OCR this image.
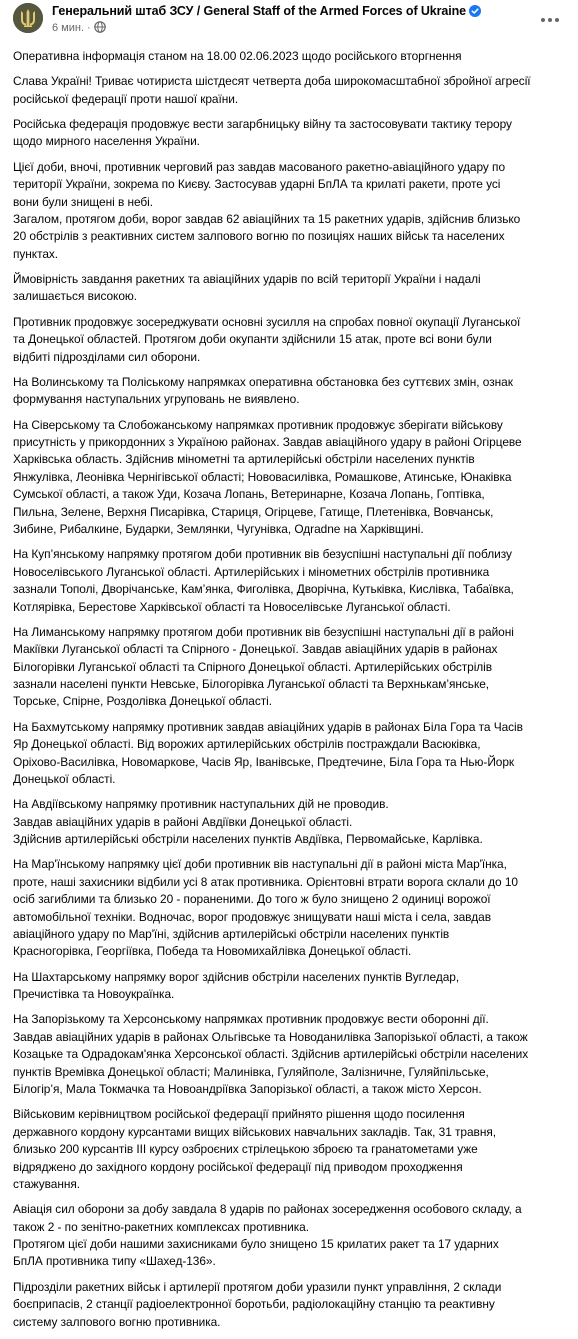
Генеральний штаб ЗСУ / General Staff of the Armed Forces of Ukraine
6 мин. ·

Оперативна інформація станом на 18.00 02.06.2023 щодо російського вторгнення

Слава Україні! Триває чотириста шістдесят четверта доба широкомасштабної збройної агресії
російської федерації проти нашої країни.

Російська федерація продовжує вести загарбницьку війну та застосовувати тактику терору
щодо мирного населення України.

Цієї доби, вночі, противник черговий раз завдав масованого ракетно-авіаційного удару по
території України, зокрема по Києву. Застосував ударні БпЛА та крилаті ракети, проте усі
вони були знищені в небі.
Загалом, протягом доби, ворог завдав 62 авіаційних та 15 ракетних ударів, здійснив близько
20 обстрілів з реактивних систем залпового вогню по позиціях наших військ та населених
пунктах.

Ймовірність завдання ракетних та авіаційних ударів по всій території України і надалі
залишається високою.

Противник продовжує зосереджувати основні зусилля на спробах повної окупації Луганської
та Донецької областей. Протягом доби окупанти здійснили 15 атак, проте всі вони були
відбиті підрозділами сил оборони.

На Волинському та Поліському напрямках оперативна обстановка без суттєвих змін, ознак
формування наступальних угруповань не виявлено.

На Сіверському та Слобожанському напрямках противник продовжує зберігати військову
присутність у прикордонних з Україною районах. Завдав авіаційного удару в районі Огірцеве
Харківська область. Здійснив мінометні та артилерійські обстріли населених пунктів
Янжулівка, Леонівка Чернігівської області; Нововасилівка, Ромашкове, Атинське, Юнаківка
Сумської області, а також Уди, Козача Лопань, Ветеринарне, Козача Лопань, Гоптівка,
Пильна, Зелене, Верхня Писарівка, Стариця, Огірцеве, Гатище, Плетенівка, Вовчанськ,
Зибине, Рибалкине, Бударки, Землянки, Чугунівка, Одradne на Харківщині.

На Куп’янському напрямку протягом доби противник вів безуспішні наступальні дії поблизу
Новоселівського Луганської області. Артилерійських і мінометних обстрілів противника
зазнали Тополі, Дворічанське, Кам’янка, Фиголівка, Дворічна, Кутьківка, Кислівка, Табаївка,
Котлярівка, Берестове Харківської області та Новоселівське Луганської області.

На Лиманському напрямку протягом доби противник вів безуспішні наступальні дії в районі
Макіївки Луганської області та Спірного - Донецької. Завдав авіаційних ударів в районах
Білогорівки Луганської області та Спірного Донецької області. Артилерійських обстрілів
зазнали населені пункти Невське, Білогорівка Луганської області та Верхнькам’янське,
Торське, Спірне, Роздолівка Донецької області.

На Бахмутському напрямку противник завдав авіаційних ударів в районах Біла Гора та Часів
Яр Донецької області. Від ворожих артилерійських обстрілів постраждали Васюківка,
Оріхово-Василівка, Новомаркове, Часів Яр, Іванівське, Предтечине, Біла Гора та Нью-Йорк
Донецької області.

На Авдіївському напрямку противник наступальних дій не проводив.
Завдав авіаційних ударів в районі Авдіївки Донецької області.
Здійснив артилерійські обстріли населених пунктів Авдіївка, Первомайське, Карлівка.

На Мар'їнському напрямку цієї доби противник вів наступальні дії в районі міста Мар'їнка,
проте, наші захисники відбили усі 8 атак противника. Орієнтовні втрати ворога склали до 10
осіб загиблими та близько 20 - пораненими. До того ж було знищено 2 одиниці ворожої
автомобільної техніки. Водночас, ворог продовжує знищувати наші міста і села, завдав
авіаційного удару по Мар'їні, здійснив артилерійські обстріли населених пунктів
Красногорівка, Георгіївка, Победа та Новомихайлівка Донецької області.

На Шахтарському напрямку ворог здійснив обстріли населених пунктів Вугледар,
Пречистівка та Новоукраїнка.

На Запорізькому та Херсонському напрямках противник продовжує вести оборонні дії.
Завдав авіаційних ударів в районах Ольгівське та Новоданилівка Запорізької області, а також
Козацьке та Одрадокам'янка Херсонської області. Здійснив артилерійські обстріли населених
пунктів Времівка Донецької області; Малинівка, Гуляйполе, Залізничне, Гуляйпільське,
Білогір’я, Мала Токмачка та Новоандріївка Запорізької області, а також місто Херсон.

Військовим керівництвом російської федерації прийнято рішення щодо посилення
державного кордону курсантами вищих військових навчальних закладів. Так, 31 травня,
близько 200 курсантів ІІІ курсу озброєних стрілецькою зброєю та гранатометами уже
відряджено до західного кордону російської федерації під приводом проходження
стажування.

Авіація сил оборони за добу завдала 8 ударів по районах зосередження особового складу, а
також 2 - по зенітно-ракетних комплексах противника.
Протягом цієї доби нашими захисниками було знищено 15 крилатих ракет та 17 ударних
БпЛА противника типу «Шахед-136».

Підрозділи ракетних військ і артилерії протягом доби уразили пункт управління, 2 склади
боєприпасів, 2 станції радіоелектронної боротьби, радіолокаційну станцію та реактивну
систему залпового вогню противника.
